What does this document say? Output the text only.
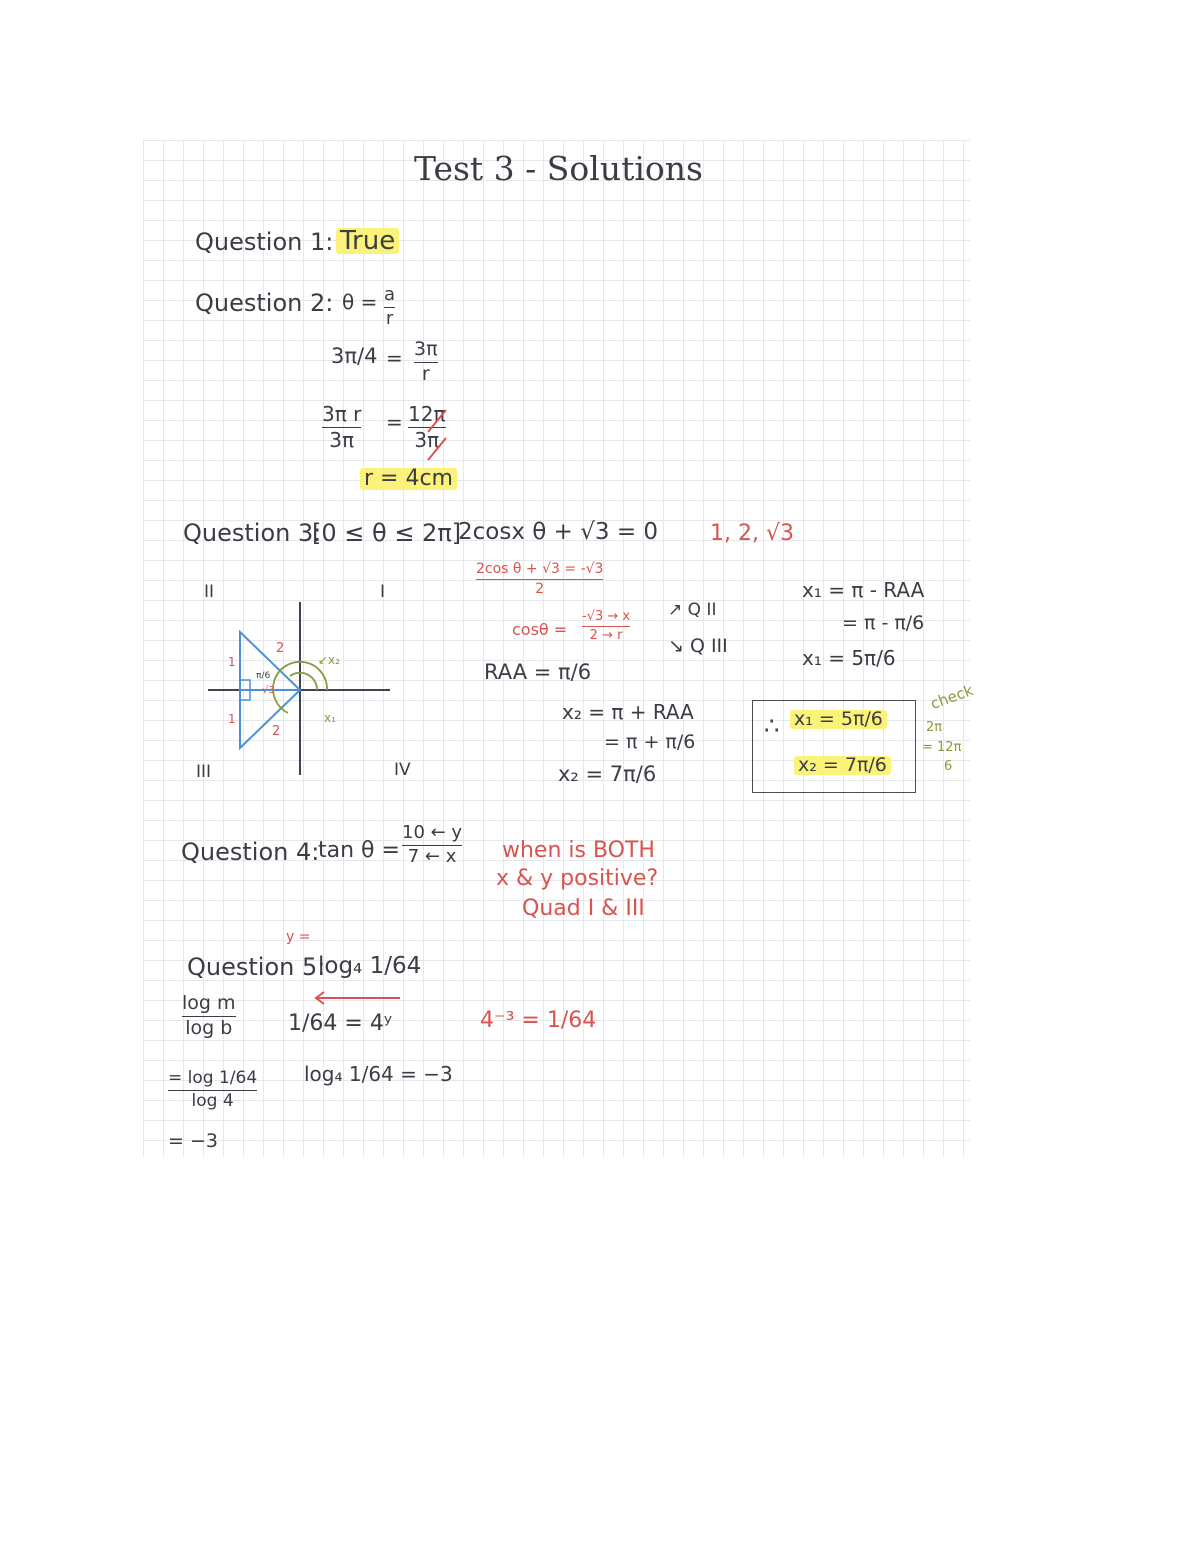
Test 3 - Solutions
Question 1: True
Question 2: θ = a
r
3π/4 = 3π
r
3π r
3π
= 12π
3π
r = 4cm
Question 3:
[0 ≤ θ ≤ 2π]
2cosx θ + √3 = 0 1, 2, √3
2cos θ + √3 = -√3
2
cosθ =
-√3 → x
2 → r
↗ Q II
↘ Q III
RAA = π/6
x₂ = π + RAA
= π + π/6
x₂ = 7π/6
x₁ = π - RAA
= π - π/6
x₁ = 5π/6
∴ x₁ = 5π/6
x₂ = 7π/6
check
2π
= 12π
6
II	I
III	IV
2
2
1
1
π/6
√3
x₁
↙x₂
Question 4:
tan θ =
10 ← y
7 ← x when is BOTH
x & y positive?
Quad I & III
y =
Question 5:
log₄ 1/64
log m
log b	1/64 = 4ʸ
log₄ 1/64 = −3
4⁻³ = 1/64
= log 1/64
log 4
= −3
